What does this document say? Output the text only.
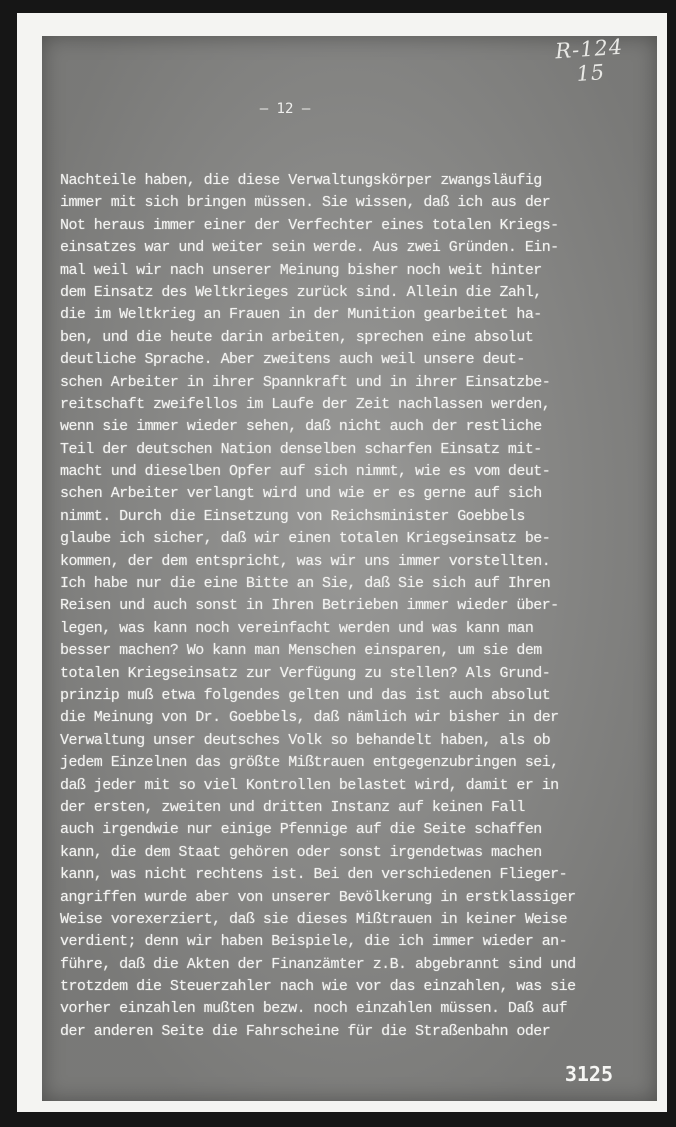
R-124
15
– 12 –
Nachteile haben, die diese Verwaltungskörper zwangsläufig
immer mit sich bringen müssen. Sie wissen, daß ich aus der
Not heraus immer einer der Verfechter eines totalen Kriegs-
einsatzes war und weiter sein werde. Aus zwei Gründen. Ein-
mal weil wir nach unserer Meinung bisher noch weit hinter
dem Einsatz des Weltkrieges zurück sind. Allein die Zahl,
die im Weltkrieg an Frauen in der Munition gearbeitet ha-
ben, und die heute darin arbeiten, sprechen eine absolut
deutliche Sprache. Aber zweitens auch weil unsere deut-
schen Arbeiter in ihrer Spannkraft und in ihrer Einsatzbe-
reitschaft zweifellos im Laufe der Zeit nachlassen werden,
wenn sie immer wieder sehen, daß nicht auch der restliche
Teil der deutschen Nation denselben scharfen Einsatz mit-
macht und dieselben Opfer auf sich nimmt, wie es vom deut-
schen Arbeiter verlangt wird und wie er es gerne auf sich
nimmt. Durch die Einsetzung von Reichsminister Goebbels
glaube ich sicher, daß wir einen totalen Kriegseinsatz be-
kommen, der dem entspricht, was wir uns immer vorstellten.
Ich habe nur die eine Bitte an Sie, daß Sie sich auf Ihren
Reisen und auch sonst in Ihren Betrieben immer wieder über-
legen, was kann noch vereinfacht werden und was kann man
besser machen? Wo kann man Menschen einsparen, um sie dem
totalen Kriegseinsatz zur Verfügung zu stellen? Als Grund-
prinzip muß etwa folgendes gelten und das ist auch absolut
die Meinung von Dr. Goebbels, daß nämlich wir bisher in der
Verwaltung unser deutsches Volk so behandelt haben, als ob
jedem Einzelnen das größte Mißtrauen entgegenzubringen sei,
daß jeder mit so viel Kontrollen belastet wird, damit er in
der ersten, zweiten und dritten Instanz auf keinen Fall
auch irgendwie nur einige Pfennige auf die Seite schaffen
kann, die dem Staat gehören oder sonst irgendetwas machen
kann, was nicht rechtens ist. Bei den verschiedenen Flieger-
angriffen wurde aber von unserer Bevölkerung in erstklassiger
Weise vorexerziert, daß sie dieses Mißtrauen in keiner Weise
verdient; denn wir haben Beispiele, die ich immer wieder an-
führe, daß die Akten der Finanzämter z.B. abgebrannt sind und
trotzdem die Steuerzahler nach wie vor das einzahlen, was sie
vorher einzahlen mußten bezw. noch einzahlen müssen. Daß auf
der anderen Seite die Fahrscheine für die Straßenbahn oder
3125
